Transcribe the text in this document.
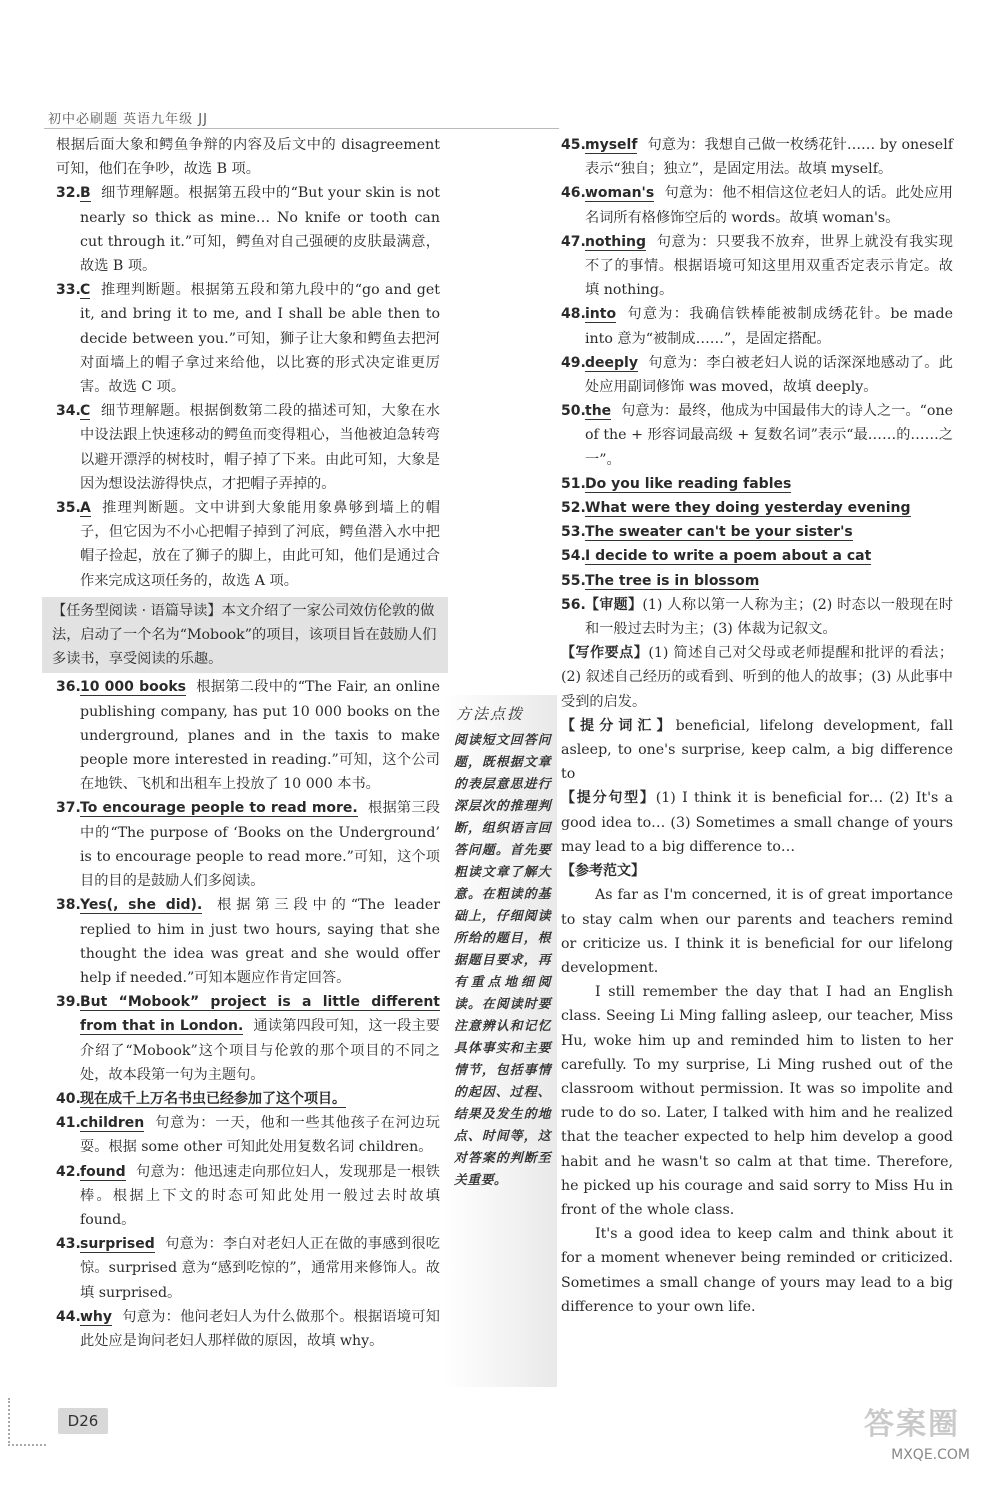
初中必刷题 英语九年级 JJ

根据后面大象和鳄鱼争辩的内容及后文中的 disagreement 可知，他们在争吵，故选 B 项。

32. B 细节理解题。根据第五段中的“But your skin is not nearly so thick as mine… No knife or tooth can cut through it.”可知，鳄鱼对自己强硬的皮肤最满意，故选 B 项。
33. C 推理判断题。根据第五段和第九段中的“go and get it, and bring it to me, and I shall be able then to decide between you.”可知，狮子让大象和鳄鱼去把河对面墙上的帽子拿过来给他，以比赛的形式决定谁更厉害。故选 C 项。
34. C 细节理解题。根据倒数第二段的描述可知，大象在水中设法跟上快速移动的鳄鱼而变得粗心，当他被迫急转弯以避开漂浮的树枝时，帽子掉了下来。由此可知，大象是因为想设法游得快点，才把帽子弄掉的。
35. A 推理判断题。文中讲到大象能用象鼻够到墙上的帽子，但它因为不小心把帽子掉到了河底，鳄鱼潜入水中把帽子捡起，放在了狮子的脚上，由此可知，他们是通过合作来完成这项任务的，故选 A 项。
【任务型阅读 · 语篇导读】本文介绍了一家公司效仿伦敦的做法，启动了一个名为“Mobook”的项目，该项目旨在鼓励人们多读书，享受阅读的乐趣。
36. 10 000 books 根据第二段中的“The Fair, an online publishing company, has put 10 000 books on the underground, planes and in the taxis to make people more interested in reading.”可知，这个公司在地铁、飞机和出租车上投放了 10 000 本书。
37. To encourage people to read more. 根据第三段中的“The purpose of ‘Books on the Underground’ is to encourage people to read more.”可知，这个项目的目的是鼓励人们多阅读。
38. Yes(, she did). 根据第三段中的“The leader replied to him in just two hours, saying that she thought the idea was great and she would offer help if needed.”可知本题应作肯定回答。
39. But “Mobook” project is a little different from that in London. 通读第四段可知，这一段主要介绍了“Mobook”这个项目与伦敦的那个项目的不同之处，故本段第一句为主题句。
40. 现在成千上万名书虫已经参加了这个项目。
41. children 句意为：一天，他和一些其他孩子在河边玩耍。根据 some other 可知此处用复数名词 children。
42. found 句意为：他迅速走向那位妇人，发现那是一根铁棒。根据上下文的时态可知此处用一般过去时故填 found。
43. surprised 句意为：李白对老妇人正在做的事感到很吃惊。surprised 意为“感到吃惊的”，通常用来修饰人。故填 surprised。
44. why 句意为：他问老妇人为什么做那个。根据语境可知此处应是询问老妇人那样做的原因，故填 why。
方法点拨
阅读短文回答问题，既根据文章的表层意思进行深层次的推理判断，组织语言回答问题。首先要粗读文章了解大意。在粗读的基础上，仔细阅读所给的题目，根据题目要求，再有重点地细阅读。在阅读时要注意辨认和记忆具体事实和主要情节，包括事情的起因、过程、结果及发生的地点、时间等，这对答案的判断至关重要。
45. myself 句意为：我想自己做一枚绣花针…… by oneself 表示“独自；独立”，是固定用法。故填 myself。
46. woman's 句意为：他不相信这位老妇人的话。此处应用名词所有格修饰空后的 words。故填 woman's。
47. nothing 句意为：只要我不放弃，世界上就没有我实现不了的事情。根据语境可知这里用双重否定表示肯定。故填 nothing。
48. into 句意为：我确信铁棒能被制成绣花针。be made into 意为“被制成……”，是固定搭配。
49. deeply 句意为：李白被老妇人说的话深深地感动了。此处应用副词修饰 was moved，故填 deeply。
50. the 句意为：最终，他成为中国最伟大的诗人之一。“one of the + 形容词最高级 + 复数名词”表示“最……的……之一”。
51. Do you like reading fables
52. What were they doing yesterday evening
53. The sweater can't be your sister's
54. I decide to write a poem about a cat
55. The tree is in blossom
56. 【审题】(1) 人称以第一人称为主；(2) 时态以一般现在时和一般过去时为主；(3) 体裁为记叙文。

【写作要点】(1) 简述自己对父母或老师提醒和批评的看法；(2) 叙述自己经历的或看到、听到的他人的故事；(3) 从此事中受到的启发。

【提分词汇】beneficial, lifelong development, fall asleep, to one's surprise, keep calm, a big difference to

【提分句型】(1) I think it is beneficial for… (2) It's a good idea to… (3) Sometimes a small change of yours may lead to a big difference to…

【参考范文】

As far as I'm concerned, it is of great importance to stay calm when our parents and teachers remind or criticize us. I think it is beneficial for our lifelong development.

I still remember the day that I had an English class. Seeing Li Ming falling asleep, our teacher, Miss Hu, woke him up and reminded him to listen to her carefully. To my surprise, Li Ming rushed out of the classroom without permission. It was so impolite and rude to do so. Later, I talked with him and he realized that the teacher expected to help him develop a good habit and he wasn't so calm at that time. Therefore, he picked up his courage and said sorry to Miss Hu in front of the whole class.

It's a good idea to keep calm and think about it for a moment whenever being reminded or criticized. Sometimes a small change of yours may lead to a big difference to your own life.

D26	答案圈
MXQE.COM
